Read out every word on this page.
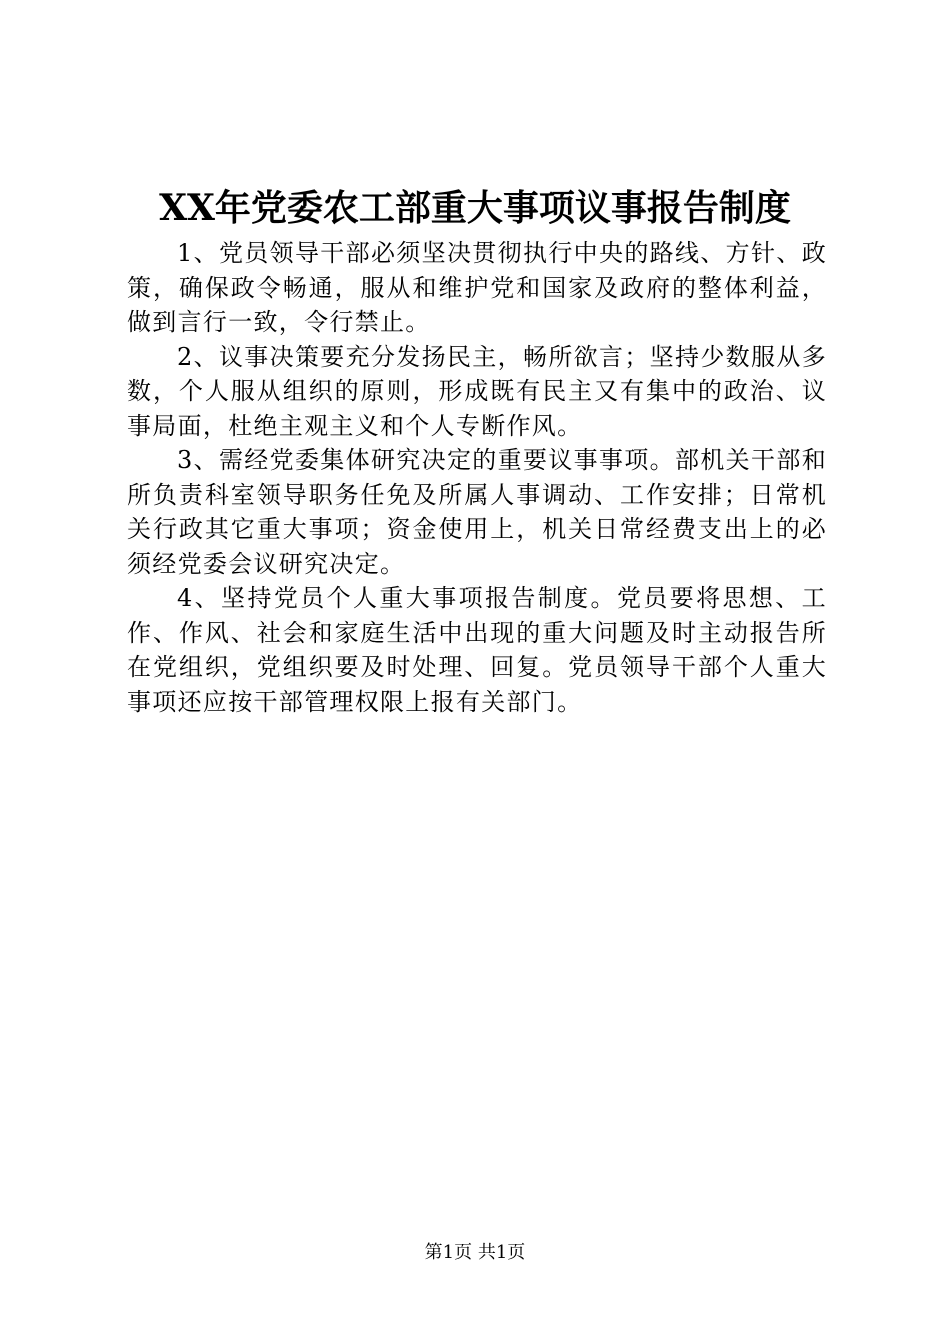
XX年党委农工部重大事项议事报告制度

1、党员领导干部必须坚决贯彻执行中央的路线、方针、政策，确保政令畅通，服从和维护党和国家及政府的整体利益，做到言行一致，令行禁止。

2、议事决策要充分发扬民主，畅所欲言；坚持少数服从多数，个人服从组织的原则，形成既有民主又有集中的政治、议事局面，杜绝主观主义和个人专断作风。

3、需经党委集体研究决定的重要议事事项。部机关干部和所负责科室领导职务任免及所属人事调动、工作安排；日常机关行政其它重大事项；资金使用上，机关日常经费支出上的必须经党委会议研究决定。

4、坚持党员个人重大事项报告制度。党员要将思想、工作、作风、社会和家庭生活中出现的重大问题及时主动报告所在党组织，党组织要及时处理、回复。党员领导干部个人重大事项还应按干部管理权限上报有关部门。

第1页 共1页
